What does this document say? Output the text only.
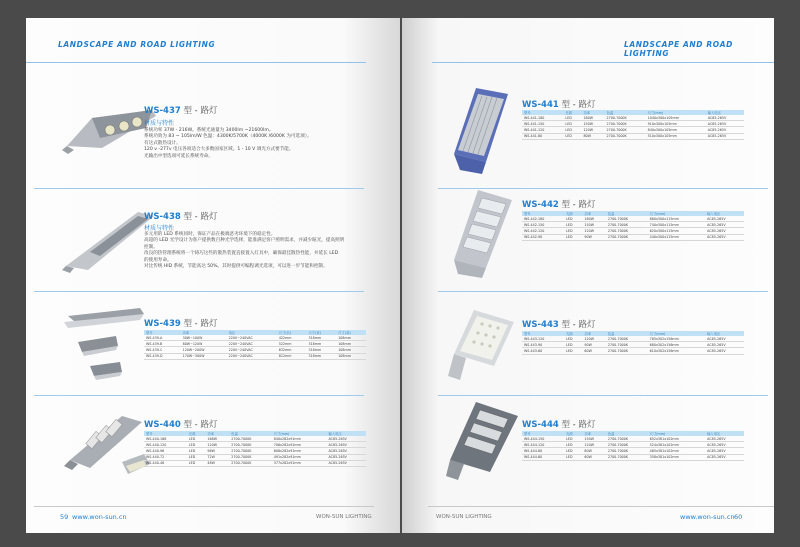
LANDSCAPE AND ROAD LIGHTING
WS-437 型 - 路灯
材质与特性
系统功率 37W - 216W。系统光通量为 3400lm ~21600lm。
系统功效为 83 ~ 105lm/W 色温：4300K/5700K（4000K /6000K 为可选项）。
有这式散热设计。
120 v -277v 电压各项适合大多数国家区域。1 - 10 V 调光方式要节能。
光输出中型选项可延长系统寿命。
WS-438 型 - 路灯
材质与特性
多元用的 LED 系统同时，保证产品在极端恶劣环境下的稳定性。
高超的 LED 光学设计为客户提供数百种光学选择，能准满足客户照明需求，并减少眩光，提高照明
控制。
改良的热管理系统将一个铸巧这些的散热装置直接置入灯具中，确保最佳散热性能，并延长 LED
的使用寿命。
对比传统 HID 系统，节能高达 50%。其时提供可编程调光选项，可以进一步节能和控制。
WS-439 型 - 路灯
型号	功率	电压	尺寸(长)	尺寸(宽)	尺寸(高)
WS-439-A	30W~100W	220V~240VAC	422mm	318mm	108mm
WS-439-B	80W~120W	220V~240VAC	522mm	318mm	108mm
WS-439-C	120W~200W	220V~240VAC	632mm	318mm	108mm
WS-439-D	170W~300W	220V~240VAC	812mm	318mm	108mm
WS-440 型 - 路灯
型号	光源	功率	色温	尺寸(mm)	输入电压
WS-440-168	LED	168W	2700-7000K	840x282x91mm	AC85-265V
WS-440-120	LED	120W	2700-7000K	706x282x91mm	AC85-265V
WS-440-96	LED	96W	2700-7000K	608x282x91mm	AC85-265V
WS-440-72	LED	72W	2700-7000K	491x282x91mm	AC85-265V
WS-440-48	LED	48W	2700-7000K	377x282x91mm	AC85-265V
59 www.won-sun.cn	WON-SUN LIGHTING
LANDSCAPE AND ROAD LIGHTING
WS-441 型 - 路灯
型号	光源	功率	色温	尺寸(mm)	输入电压
WS-441-180	LED	180W	2700-7000K	1040x300x105mm	AC85-265V
WS-441-150	LED	150W	2700-7000K	910x300x105mm	AC85-265V
WS-441-120	LED	120W	2700-7000K	840x300x105mm	AC85-265V
WS-441-80	LED	80W	2700-7000K	510x300x105mm	AC85-265V
WS-442 型 - 路灯
型号	光源	功率	色温	尺寸(mm)	输入电压
WS-442-180	LED	180W	2700-7000K	880x300x115mm	AC85-265V
WS-442-150	LED	150W	2700-7000K	740x300x115mm	AC85-265V
WS-442-120	LED	120W	2700-7000K	620x300x115mm	AC85-265V
WS-442-90	LED	90W	2700-7000K	440x300x115mm	AC85-265V
WS-443 型 - 路灯
型号	光源	功率	色温	尺寸(mm)	输入电压
WS-443-120	LED	120W	2700-7000K	785x302x156mm	AC85-265V
WS-443-90	LED	90W	2700-7000K	680x302x156mm	AC85-265V
WS-443-60	LED	60W	2700-7000K	610x302x156mm	AC85-265V
WS-444 型 - 路灯
型号	光源	功率	色温	尺寸(mm)	输入电压
WS-444-150	LED	150W	2700-7000K	652x381x102mm	AC85-265V
WS-444-120	LED	120W	2700-7000K	524x381x102mm	AC85-265V
WS-444-80	LED	80W	2700-7000K	465x381x102mm	AC85-265V
WS-444-60	LED	60W	2700-7000K	358x381x102mm	AC85-265V
WON-SUN LIGHTING	www.won-sun.cn 60
